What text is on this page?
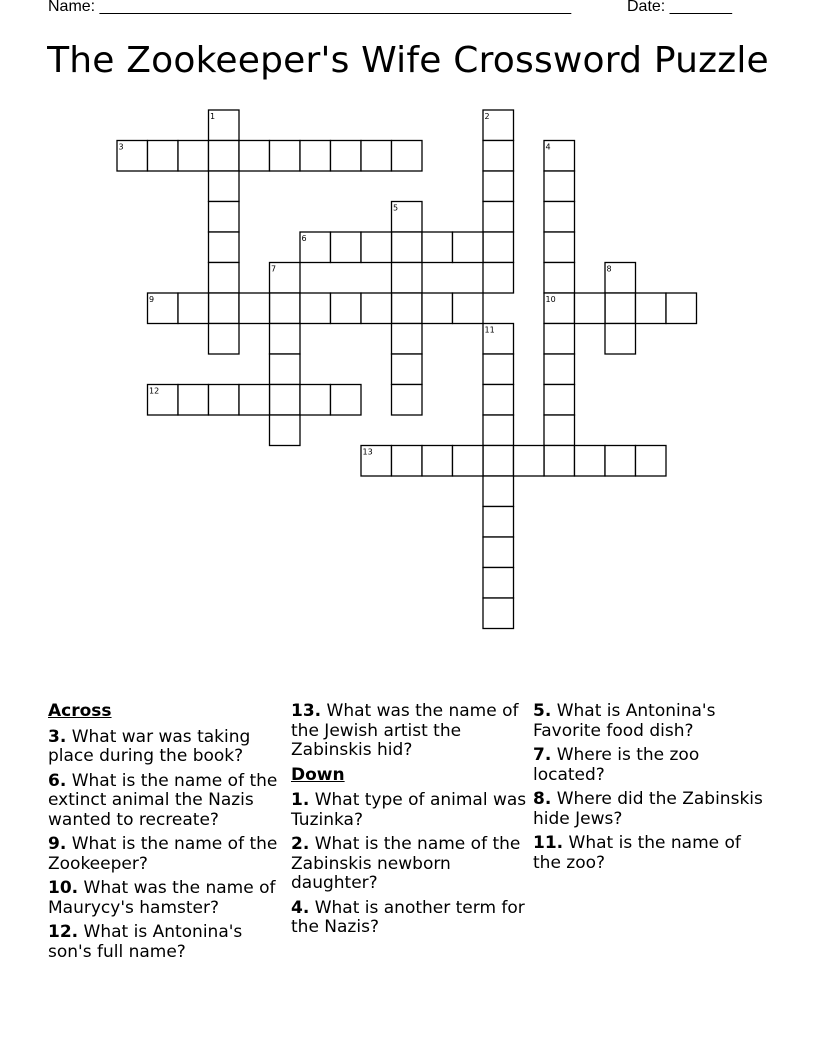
Name: _____________________________________________________	Date: _______
The Zookeeper's Wife Crossword Puzzle
1	2
3	4
5
6
7	8
9	10
11
12
13
Across
3. What war was taking place during the book?
6. What is the name of the extinct animal the Nazis wanted to recreate?
9. What is the name of the Zookeeper?
10. What was the name of Maurycy's hamster?
12. What is Antonina's son's full name?
13. What was the name of the Jewish artist the Zabinskis hid?
Down
1. What type of animal was Tuzinka?
2. What is the name of the Zabinskis newborn daughter?
4. What is another term for the Nazis?
5. What is Antonina's Favorite food dish?
7. Where is the zoo located?
8. Where did the Zabinskis hide Jews?
11. What is the name of the zoo?
